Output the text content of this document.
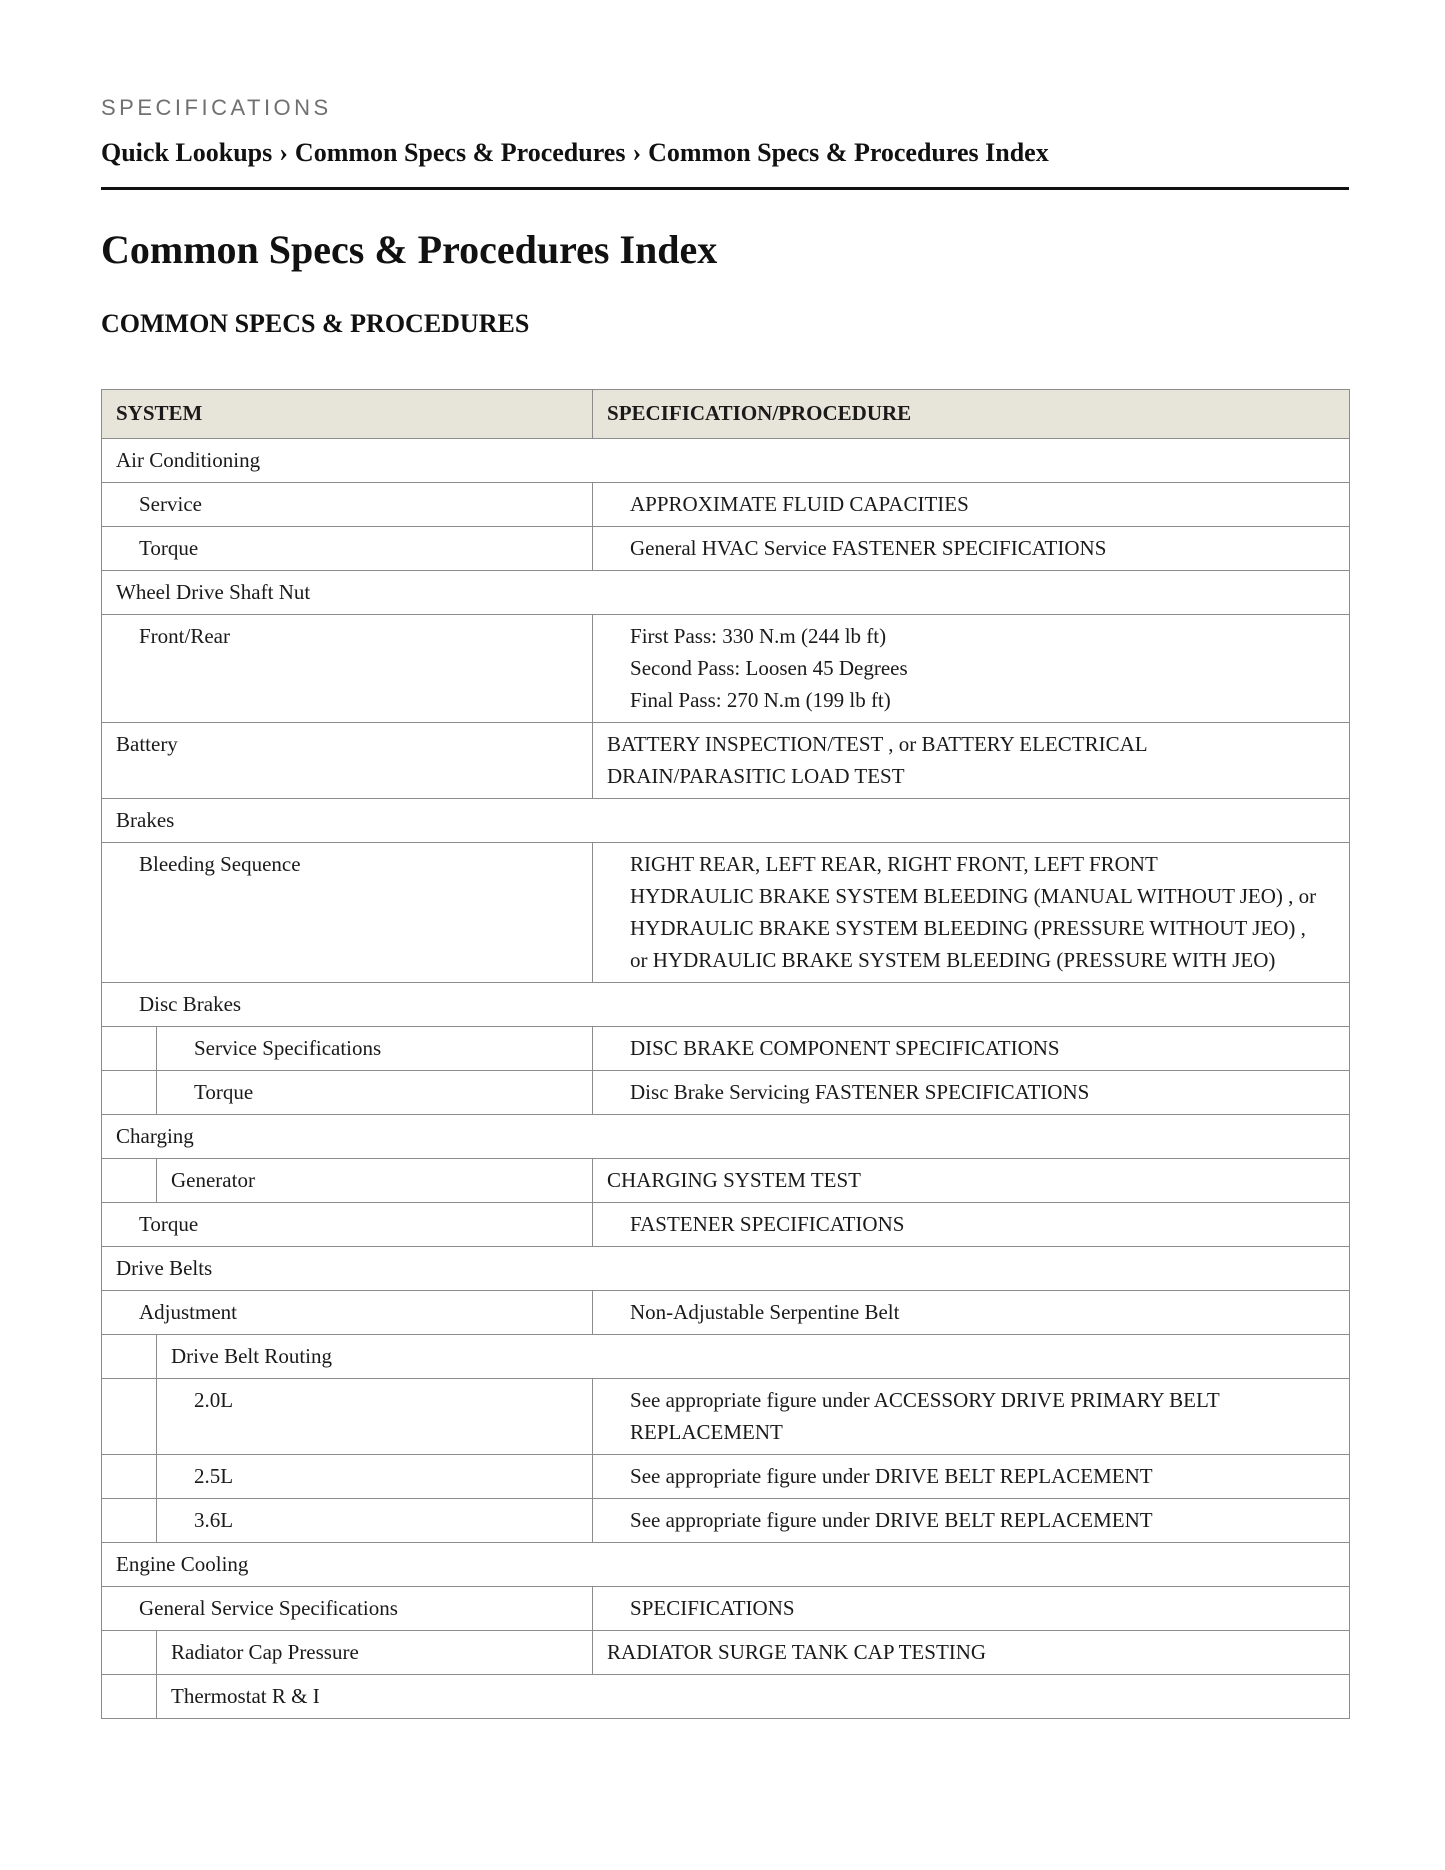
SPECIFICATIONS
Quick Lookups › Common Specs & Procedures › Common Specs & Procedures Index
Common Specs & Procedures Index
COMMON SPECS & PROCEDURES
SYSTEM		SPECIFICATION/PROCEDURE
Air Conditioning		
Service		APPROXIMATE FLUID CAPACITIES
Torque		General HVAC Service FASTENER SPECIFICATIONS
Wheel Drive Shaft Nut		
Front/Rear		First Pass: 330 N.m (244 lb ft)
Second Pass: Loosen 45 Degrees
Final Pass: 270 N.m (199 lb ft)

Battery		BATTERY INSPECTION/TEST , or BATTERY ELECTRICAL
DRAIN/PARASITIC LOAD TEST

Brakes		
Bleeding Sequence		RIGHT REAR, LEFT REAR, RIGHT FRONT, LEFT FRONT
HYDRAULIC BRAKE SYSTEM BLEEDING (MANUAL WITHOUT JEO) , or
HYDRAULIC BRAKE SYSTEM BLEEDING (PRESSURE WITHOUT JEO) ,
or HYDRAULIC BRAKE SYSTEM BLEEDING (PRESSURE WITH JEO)

Disc Brakes		
	Service Specifications	DISC BRAKE COMPONENT SPECIFICATIONS
	Torque	Disc Brake Servicing FASTENER SPECIFICATIONS
Charging		
	Generator	CHARGING SYSTEM TEST
Torque		FASTENER SPECIFICATIONS
Drive Belts		
Adjustment		Non-Adjustable Serpentine Belt
	Drive Belt Routing	
	2.0L	See appropriate figure under ACCESSORY DRIVE PRIMARY BELT
REPLACEMENT

	2.5L	See appropriate figure under DRIVE BELT REPLACEMENT
	3.6L	See appropriate figure under DRIVE BELT REPLACEMENT
Engine Cooling		
General Service Specifications		SPECIFICATIONS
	Radiator Cap Pressure	RADIATOR SURGE TANK CAP TESTING
	Thermostat R & I	
